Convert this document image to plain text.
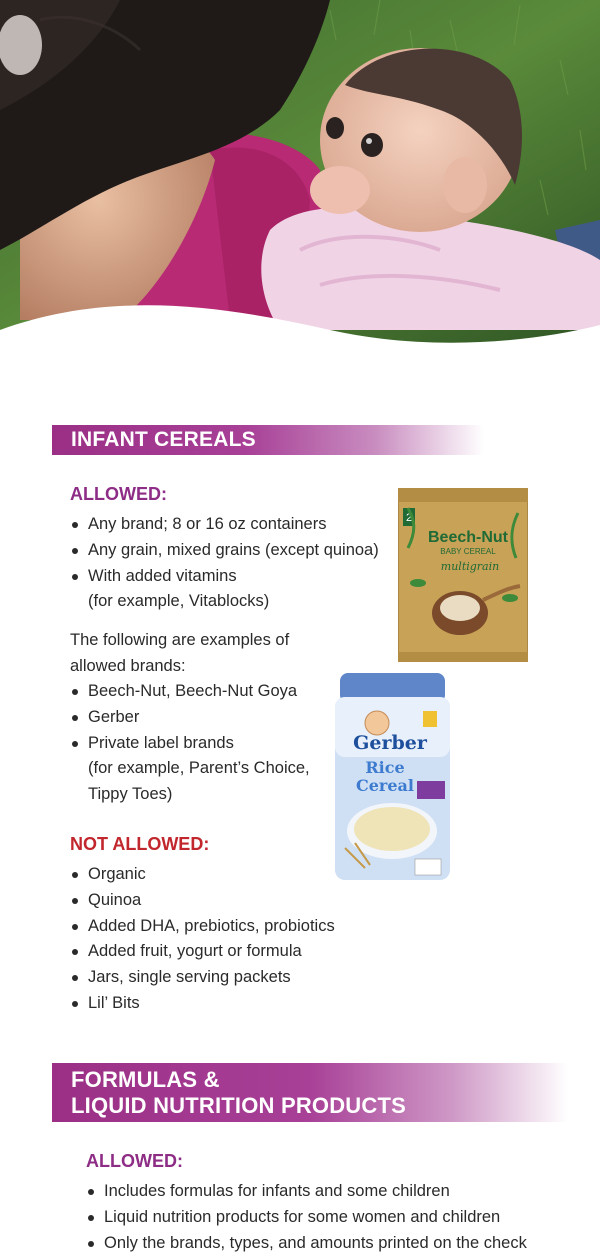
INFANT CEREALS
ALLOWED:
Any brand; 8 or 16 oz containers
Any grain, mixed grains (except quinoa)
With added vitamins
(for example, Vitablocks)
The following are examples of
allowed brands:
Beech-Nut, Beech-Nut Goya
Gerber
Private label brands
(for example, Parent’s Choice,
Tippy Toes)
NOT ALLOWED:
Organic
Quinoa
Added DHA, prebiotics, probiotics
Added fruit, yogurt or formula
Jars, single serving packets
Lil’ Bits
2
Beech-Nut
BABY CEREAL
multigrain
Gerber
Rice
Cereal
FORMULAS &
LIQUID NUTRITION PRODUCTS
ALLOWED:
Includes formulas for infants and some children
Liquid nutrition products for some women and children
Only the brands, types, and amounts printed on the check
